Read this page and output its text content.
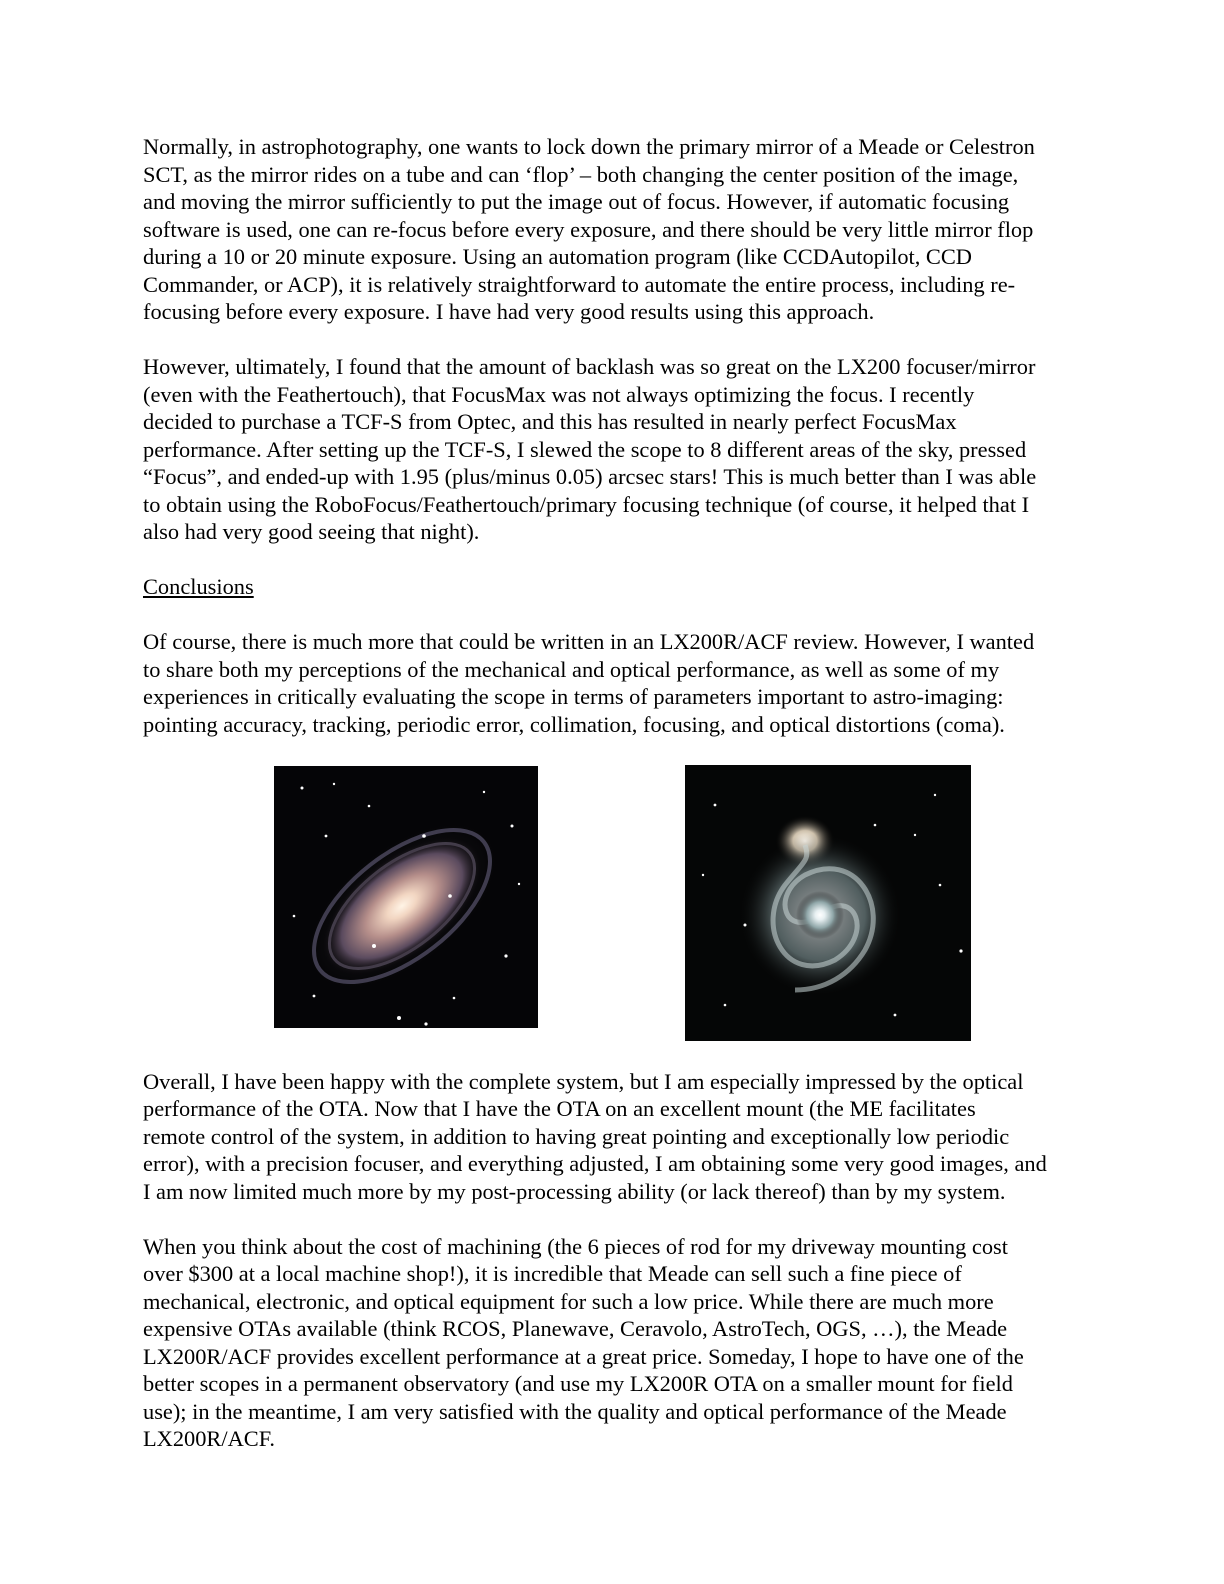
Normally, in astrophotography, one wants to lock down the primary mirror of a Meade or Celestron
SCT, as the mirror rides on a tube and can ‘flop’ – both changing the center position of the image,
and moving the mirror sufficiently to put the image out of focus. However, if automatic focusing
software is used, one can re-focus before every exposure, and there should be very little mirror flop
during a 10 or 20 minute exposure. Using an automation program (like CCDAutopilot, CCD
Commander, or ACP), it is relatively straightforward to automate the entire process, including re-
focusing before every exposure. I have had very good results using this approach.

However, ultimately, I found that the amount of backlash was so great on the LX200 focuser/mirror
(even with the Feathertouch), that FocusMax was not always optimizing the focus. I recently
decided to purchase a TCF-S from Optec, and this has resulted in nearly perfect FocusMax
performance. After setting up the TCF-S, I slewed the scope to 8 different areas of the sky, pressed
“Focus”, and ended-up with 1.95 (plus/minus 0.05) arcsec stars! This is much better than I was able
to obtain using the RoboFocus/Feathertouch/primary focusing technique (of course, it helped that I
also had very good seeing that night).

Conclusions

Of course, there is much more that could be written in an LX200R/ACF review. However, I wanted
to share both my perceptions of the mechanical and optical performance, as well as some of my
experiences in critically evaluating the scope in terms of parameters important to astro-imaging:
pointing accuracy, tracking, periodic error, collimation, focusing, and optical distortions (coma).

Overall, I have been happy with the complete system, but I am especially impressed by the optical
performance of the OTA. Now that I have the OTA on an excellent mount (the ME facilitates
remote control of the system, in addition to having great pointing and exceptionally low periodic
error), with a precision focuser, and everything adjusted, I am obtaining some very good images, and
I am now limited much more by my post-processing ability (or lack thereof) than by my system.

When you think about the cost of machining (the 6 pieces of rod for my driveway mounting cost
over $300 at a local machine shop!), it is incredible that Meade can sell such a fine piece of
mechanical, electronic, and optical equipment for such a low price. While there are much more
expensive OTAs available (think RCOS, Planewave, Ceravolo, AstroTech, OGS, …), the Meade
LX200R/ACF provides excellent performance at a great price. Someday, I hope to have one of the
better scopes in a permanent observatory (and use my LX200R OTA on a smaller mount for field
use); in the meantime, I am very satisfied with the quality and optical performance of the Meade
LX200R/ACF.
